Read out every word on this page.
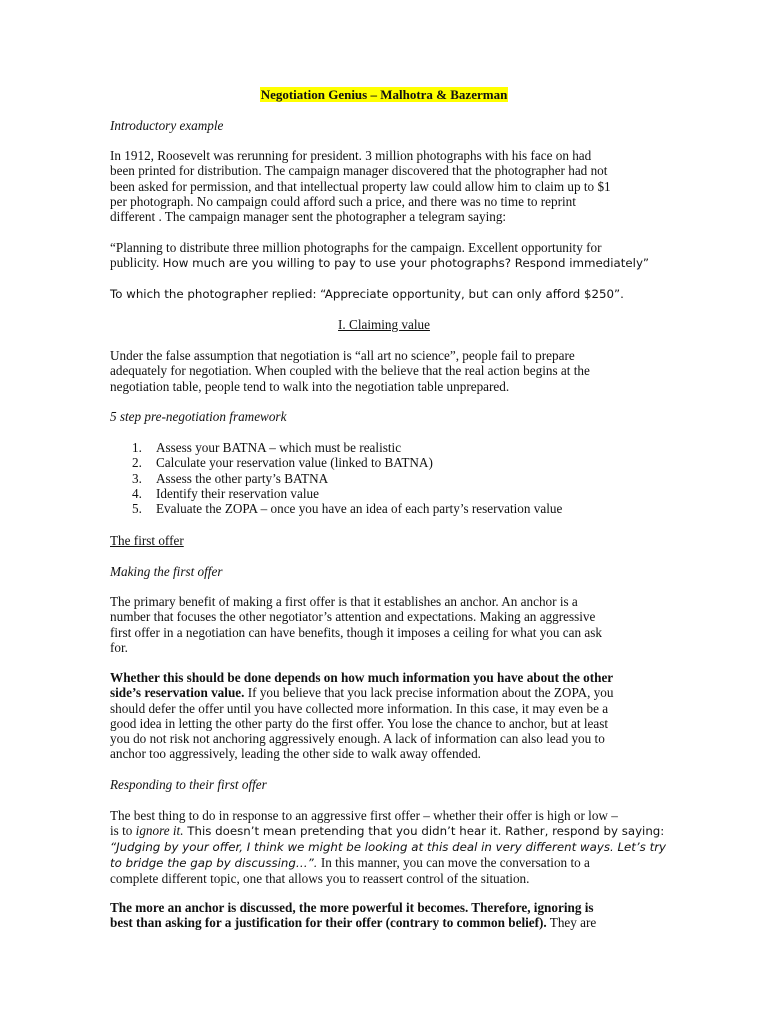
Negotiation Genius – Malhotra & Bazerman
Introductory example
In 1912, Roosevelt was rerunning for president. 3 million photographs with his face on had
been printed for distribution. The campaign manager discovered that the photographer had not
been asked for permission, and that intellectual property law could allow him to claim up to $1
per photograph. No campaign could afford such a price, and there was no time to reprint
different . The campaign manager sent the photographer a telegram saying:
“Planning to distribute three million photographs for the campaign. Excellent opportunity for
publicity. How much are you willing to pay to use your photographs? Respond immediately”
To which the photographer replied: “Appreciate opportunity, but can only afford $250”.
I. Claiming value
Under the false assumption that negotiation is “all art no science”, people fail to prepare
adequately for negotiation. When coupled with the believe that the real action begins at the
negotiation table, people tend to walk into the negotiation table unprepared.
5 step pre-negotiation framework
1. Assess your BATNA – which must be realistic
2. Calculate your reservation value (linked to BATNA)
3. Assess the other party’s BATNA
4. Identify their reservation value
5. Evaluate the ZOPA – once you have an idea of each party’s reservation value
The first offer
Making the first offer
The primary benefit of making a first offer is that it establishes an anchor. An anchor is a
number that focuses the other negotiator’s attention and expectations. Making an aggressive
first offer in a negotiation can have benefits, though it imposes a ceiling for what you can ask
for.
Whether this should be done depends on how much information you have about the other
side’s reservation value. If you believe that you lack precise information about the ZOPA, you
should defer the offer until you have collected more information. In this case, it may even be a
good idea in letting the other party do the first offer. You lose the chance to anchor, but at least
you do not risk not anchoring aggressively enough. A lack of information can also lead you to
anchor too aggressively, leading the other side to walk away offended.
Responding to their first offer
The best thing to do in response to an aggressive first offer – whether their offer is high or low –
is to ignore it. This doesn’t mean pretending that you didn’t hear it. Rather, respond by saying:
“Judging by your offer, I think we might be looking at this deal in very different ways. Let’s try
to bridge the gap by discussing…”. In this manner, you can move the conversation to a
complete different topic, one that allows you to reassert control of the situation.
The more an anchor is discussed, the more powerful it becomes. Therefore, ignoring is
best than asking for a justification for their offer (contrary to common belief). They are
